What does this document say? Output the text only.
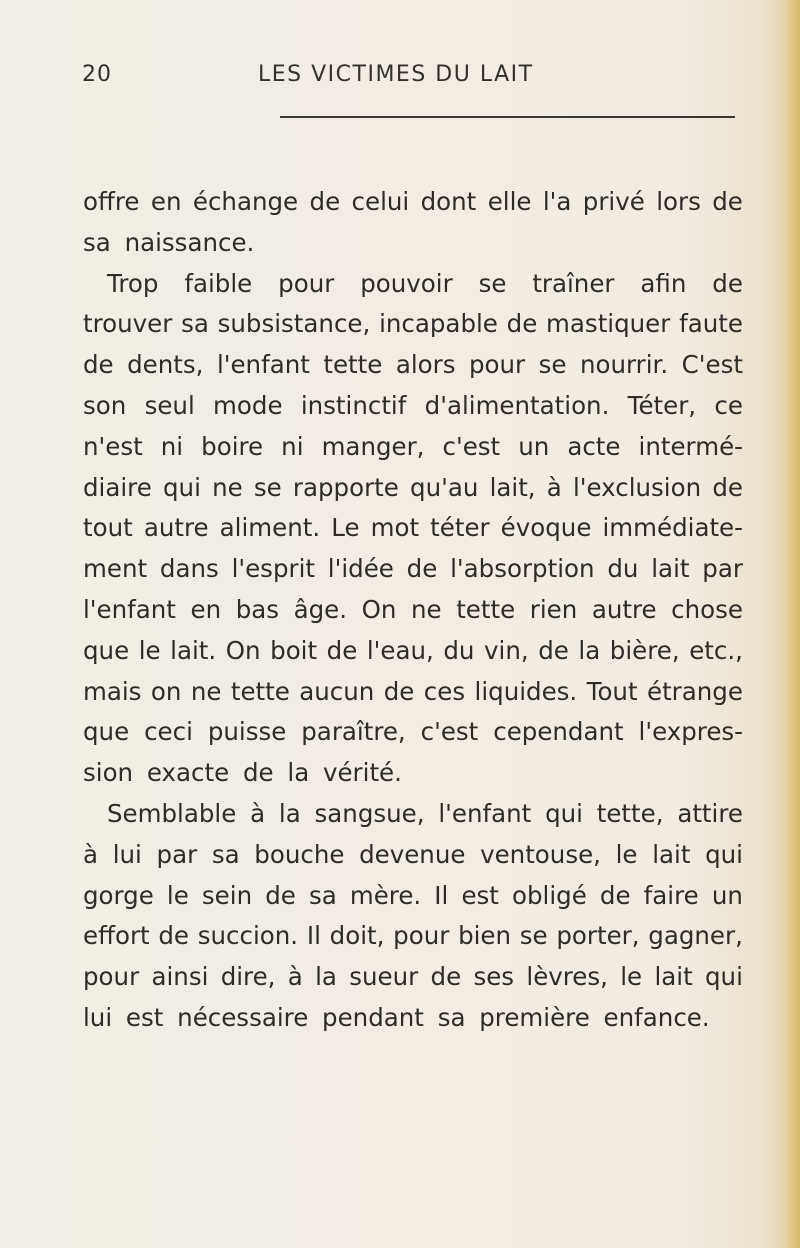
20	LES VICTIMES DU LAIT
offre en échange de celui dont elle l'a privé lors de
sa naissance.
Trop faible pour pouvoir se traîner afin de
trouver sa subsistance, incapable de mastiquer faute
de dents, l'enfant tette alors pour se nourrir. C'est
son seul mode instinctif d'alimentation. Téter, ce
n'est ni boire ni manger, c'est un acte intermé-
diaire qui ne se rapporte qu'au lait, à l'exclusion de
tout autre aliment. Le mot téter évoque immédiate-
ment dans l'esprit l'idée de l'absorption du lait par
l'enfant en bas âge. On ne tette rien autre chose
que le lait. On boit de l'eau, du vin, de la bière, etc.,
mais on ne tette aucun de ces liquides. Tout étrange
que ceci puisse paraître, c'est cependant l'expres-
sion exacte de la vérité.
Semblable à la sangsue, l'enfant qui tette, attire
à lui par sa bouche devenue ventouse, le lait qui
gorge le sein de sa mère. Il est obligé de faire un
effort de succion. Il doit, pour bien se porter, gagner,
pour ainsi dire, à la sueur de ses lèvres, le lait qui
lui est nécessaire pendant sa première enfance.
